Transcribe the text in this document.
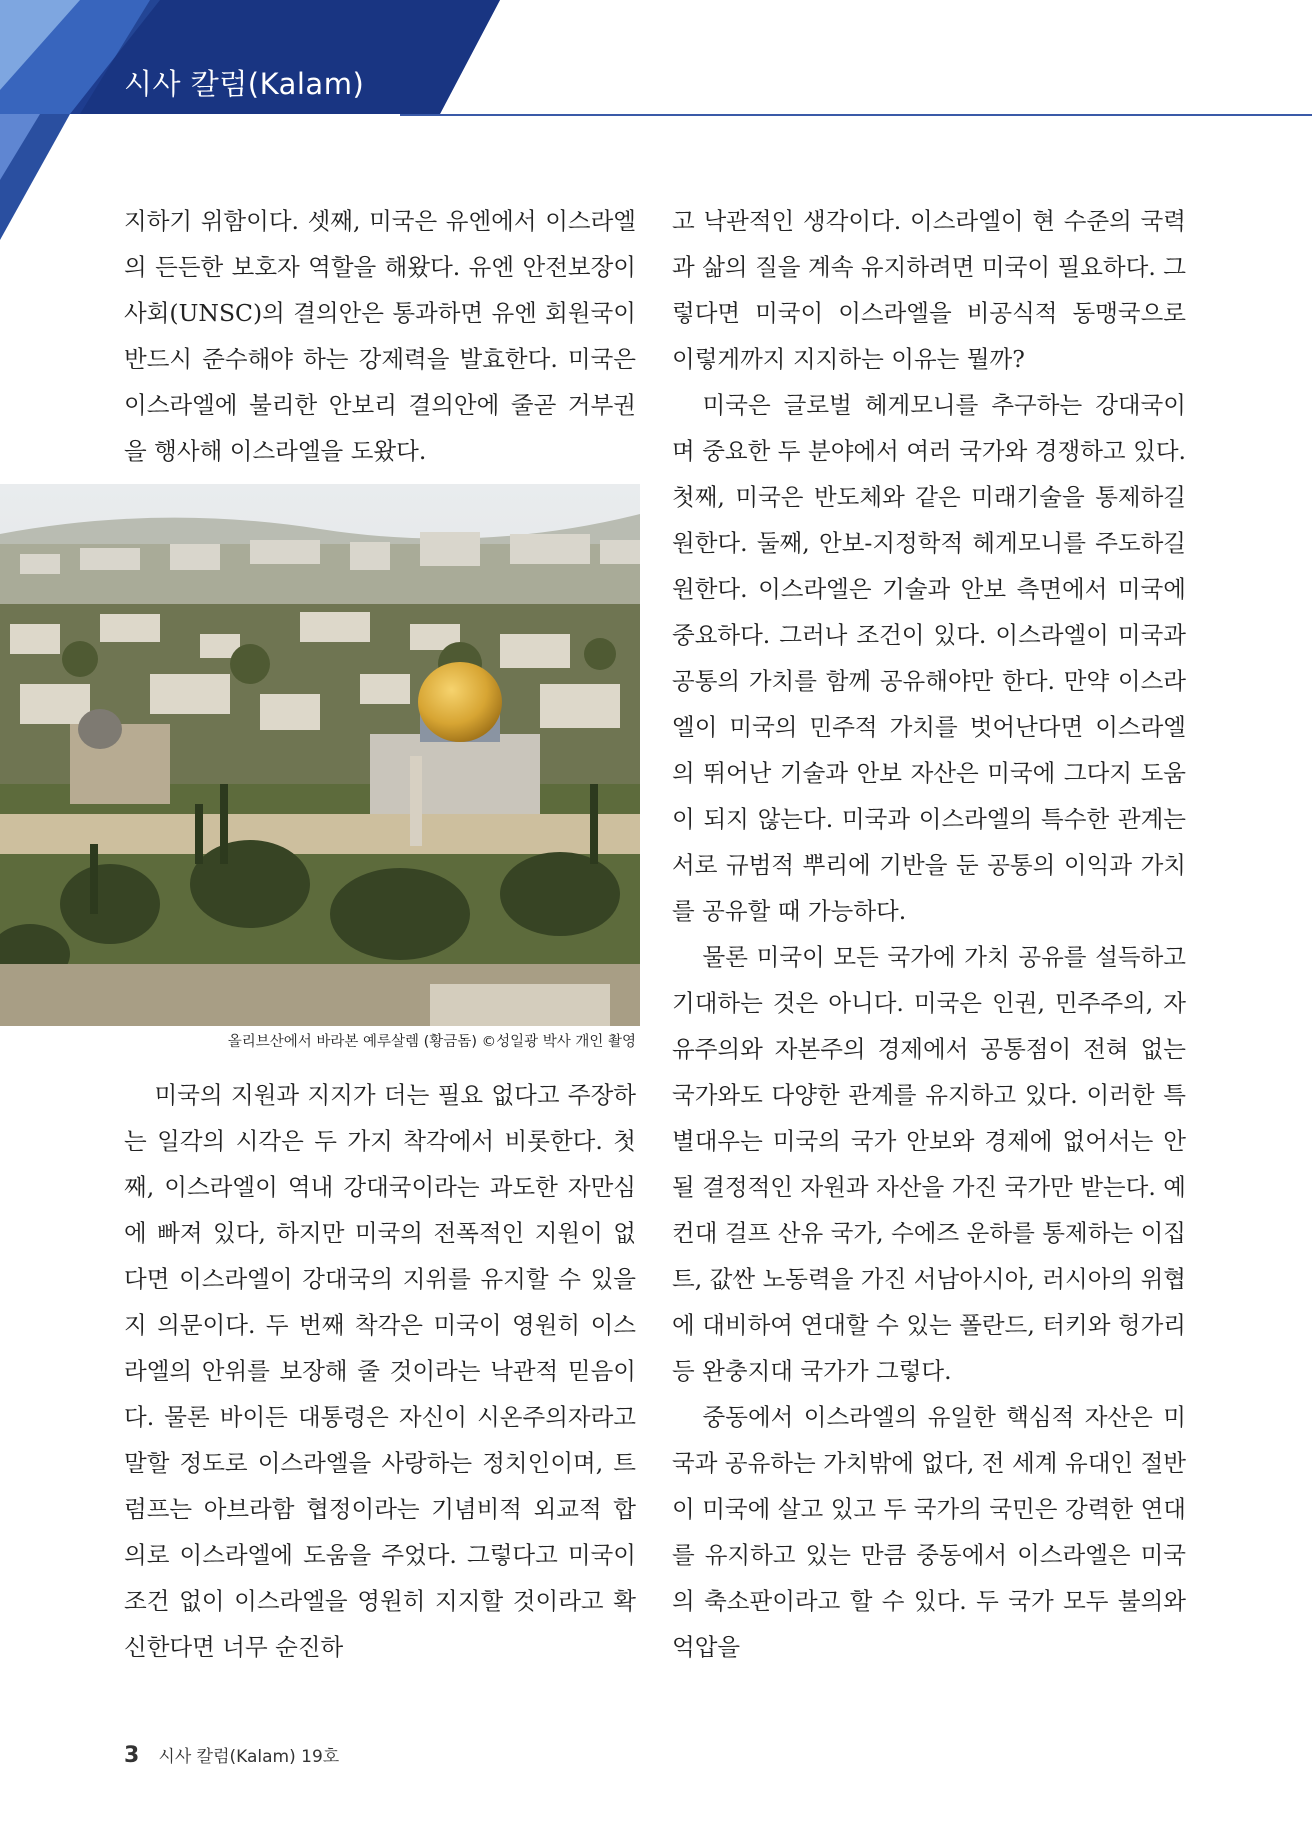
시사 칼럼(Kalam)

지하기 위함이다. 셋째, 미국은 유엔에서 이스라엘의 든든한 보호자 역할을 해왔다. 유엔 안전보장이사회(UNSC)의 결의안은 통과하면 유엔 회원국이 반드시 준수해야 하는 강제력을 발효한다. 미국은 이스라엘에 불리한 안보리 결의안에 줄곧 거부권을 행사해 이스라엘을 도왔다.

올리브산에서 바라본 예루살렘 (황금돔) ©성일광 박사 개인 촬영

미국의 지원과 지지가 더는 필요 없다고 주장하는 일각의 시각은 두 가지 착각에서 비롯한다. 첫째, 이스라엘이 역내 강대국이라는 과도한 자만심에 빠져 있다, 하지만 미국의 전폭적인 지원이 없다면 이스라엘이 강대국의 지위를 유지할 수 있을지 의문이다. 두 번째 착각은 미국이 영원히 이스라엘의 안위를 보장해 줄 것이라는 낙관적 믿음이다. 물론 바이든 대통령은 자신이 시온주의자라고 말할 정도로 이스라엘을 사랑하는 정치인이며, 트럼프는 아브라함 협정이라는 기념비적 외교적 합의로 이스라엘에 도움을 주었다. 그렇다고 미국이 조건 없이 이스라엘을 영원히 지지할 것이라고 확신한다면 너무 순진하

고 낙관적인 생각이다. 이스라엘이 현 수준의 국력과 삶의 질을 계속 유지하려면 미국이 필요하다. 그렇다면 미국이 이스라엘을 비공식적 동맹국으로 이렇게까지 지지하는 이유는 뭘까?

미국은 글로벌 헤게모니를 추구하는 강대국이며 중요한 두 분야에서 여러 국가와 경쟁하고 있다. 첫째, 미국은 반도체와 같은 미래기술을 통제하길 원한다. 둘째, 안보-지정학적 헤게모니를 주도하길 원한다. 이스라엘은 기술과 안보 측면에서 미국에 중요하다. 그러나 조건이 있다. 이스라엘이 미국과 공통의 가치를 함께 공유해야만 한다. 만약 이스라엘이 미국의 민주적 가치를 벗어난다면 이스라엘의 뛰어난 기술과 안보 자산은 미국에 그다지 도움이 되지 않는다. 미국과 이스라엘의 특수한 관계는 서로 규범적 뿌리에 기반을 둔 공통의 이익과 가치를 공유할 때 가능하다.

물론 미국이 모든 국가에 가치 공유를 설득하고 기대하는 것은 아니다. 미국은 인권, 민주주의, 자유주의와 자본주의 경제에서 공통점이 전혀 없는 국가와도 다양한 관계를 유지하고 있다. 이러한 특별대우는 미국의 국가 안보와 경제에 없어서는 안 될 결정적인 자원과 자산을 가진 국가만 받는다. 예컨대 걸프 산유 국가, 수에즈 운하를 통제하는 이집트, 값싼 노동력을 가진 서남아시아, 러시아의 위협에 대비하여 연대할 수 있는 폴란드, 터키와 헝가리 등 완충지대 국가가 그렇다.

중동에서 이스라엘의 유일한 핵심적 자산은 미국과 공유하는 가치밖에 없다, 전 세계 유대인 절반이 미국에 살고 있고 두 국가의 국민은 강력한 연대를 유지하고 있는 만큼 중동에서 이스라엘은 미국의 축소판이라고 할 수 있다. 두 국가 모두 불의와 억압을

3 시사 칼럼(Kalam) 19호
